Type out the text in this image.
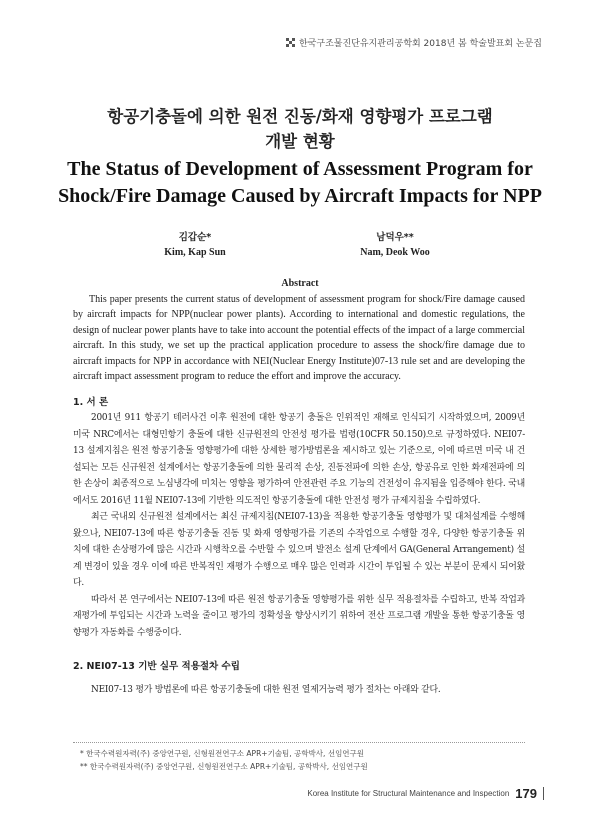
한국구조물진단유지관리공학회 2018년 봄 학술발표회 논문집
항공기충돌에 의한 원전 진동/화재 영향평가 프로그램
개발 현황
The Status of Development of Assessment Program for
Shock/Fire Damage Caused by Aircraft Impacts for NPP
김갑순*
Kim, Kap Sun
남덕우**
Nam, Deok Woo
Abstract
This paper presents the current status of development of assessment program for shock/Fire damage caused by aircraft impacts for NPP(nuclear power plants). According to international and domestic regulations, the design of nuclear power plants have to take into account the potential effects of the impact of a large commercial aircraft. In this study, we set up the practical application procedure to assess the shock/fire damage due to aircraft impacts for NPP in accordance with NEI(Nuclear Energy Institute)07-13 rule set and are developing the aircraft impact assessment program to reduce the effort and improve the accuracy.
1. 서 론
2001년 911 항공기 테러사건 이후 원전에 대한 항공기 충돌은 인위적인 재해로 인식되기 시작하였으며, 2009년 미국 NRC에서는 대형민항기 충돌에 대한 신규원전의 안전성 평가를 법령(10CFR 50.150)으로 규정하였다. NEI07-13 설계지침은 원전 항공기충돌 영향평가에 대한 상세한 평가방법론을 제시하고 있는 기준으로, 이에 따르면 미국 내 건설되는 모든 신규원전 설계에서는 항공기충돌에 의한 물리적 손상, 진동전파에 의한 손상, 항공유로 인한 화재전파에 의한 손상이 최종적으로 노심냉각에 미치는 영향을 평가하여 안전관련 주요 기능의 건전성이 유지됨을 입증해야 한다. 국내에서도 2016년 11월 NEI07-13에 기반한 의도적인 항공기충돌에 대한 안전성 평가 규제지침을 수립하였다.
최근 국내외 신규원전 설계에서는 최신 규제지침(NEI07-13)을 적용한 항공기충돌 영향평가 및 대처설계를 수행해 왔으나, NEI07-13에 따른 항공기충돌 진동 및 화재 영향평가를 기존의 수작업으로 수행할 경우, 다양한 항공기충돌 위치에 대한 손상평가에 많은 시간과 시행착오를 수반할 수 있으며 발전소 설계 단계에서 GA(General Arrangement) 설계 변경이 있을 경우 이에 따른 반복적인 재평가 수행으로 매우 많은 인력과 시간이 투입될 수 있는 부분이 문제시 되어왔다.
따라서 본 연구에서는 NEI07-13에 따른 원전 항공기충돌 영향평가를 위한 실무 적용절차를 수립하고, 반복 작업과 재평가에 투입되는 시간과 노력을 줄이고 평가의 정확성을 향상시키기 위하여 전산 프로그램 개발을 통한 항공기충돌 영향평가 자동화를 수행중이다.
2. NEI07-13 기반 실무 적용절차 수립
NEI07-13 평가 방법론에 따른 항공기충돌에 대한 원전 열제거능력 평가 절차는 아래와 같다.
* 한국수력원자력(주) 중앙연구원, 신형원전연구소 APR+기술팀, 공학박사, 선임연구원
** 한국수력원자력(주) 중앙연구원, 신형원전연구소 APR+기술팀, 공학박사, 선임연구원
Korea Institute for Structural Maintenance and Inspection 179
